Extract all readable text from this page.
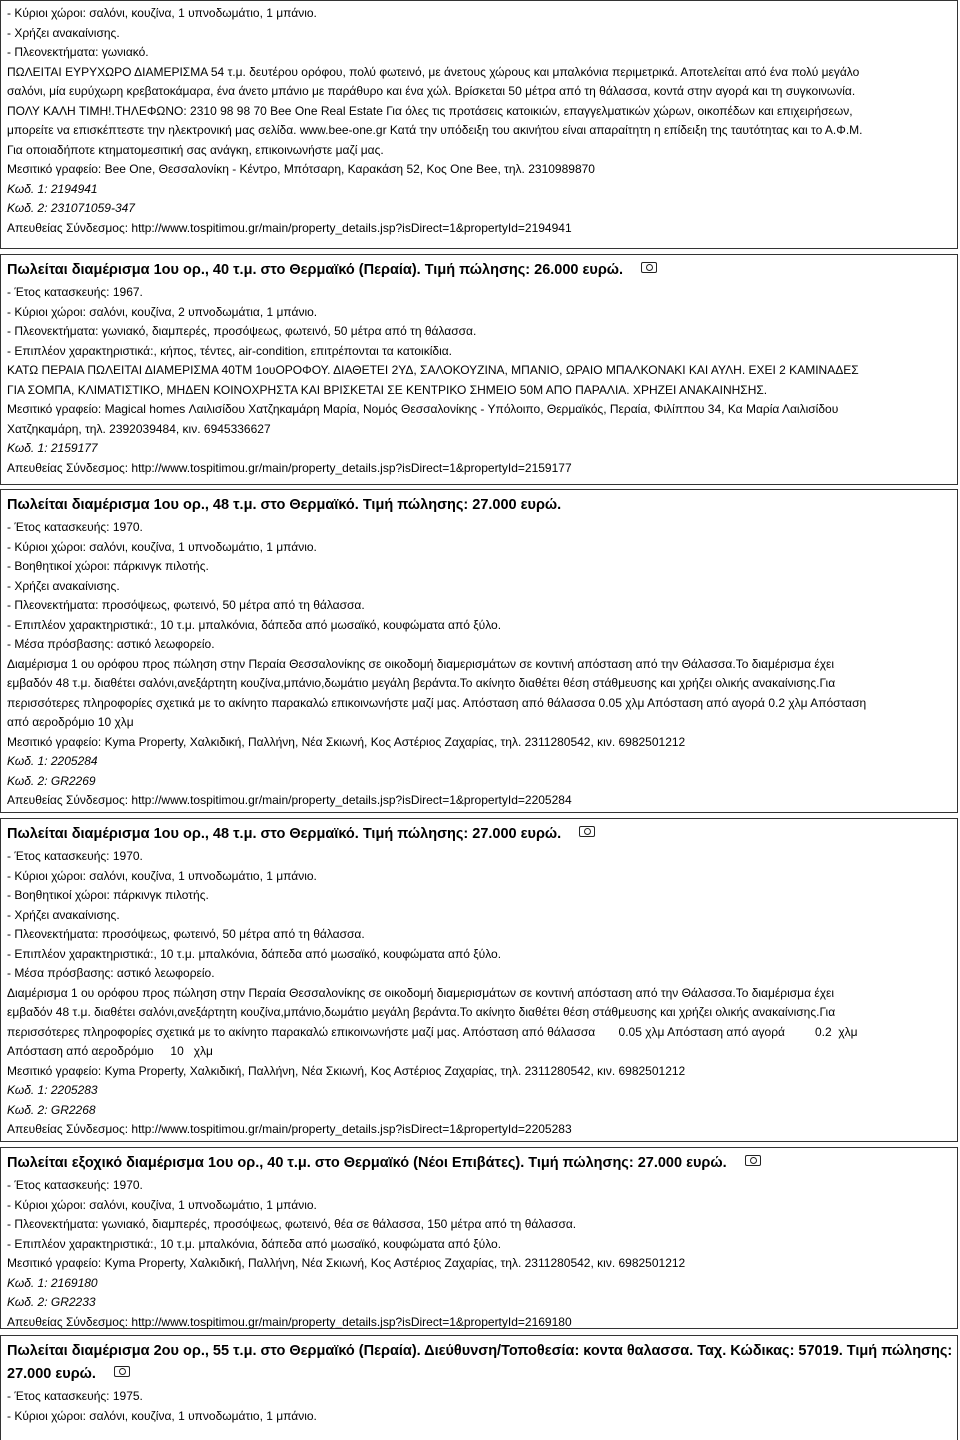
- Κύριοι χώροι: σαλόνι, κουζίνα, 1 υπνοδωμάτιο, 1 μπάνιο.
- Χρήζει ανακαίνισης.
- Πλεονεκτήματα: γωνιακό.
ΠΩΛΕΙΤΑΙ ΕΥΡΥΧΩΡΟ ΔΙΑΜΕΡΙΣΜΑ 54 τ.μ. δευτέρου ορόφου, πολύ φωτεινό, με άνετους χώρους και μπαλκόνια περιμετρικά. Αποτελείται από ένα πολύ μεγάλο
σαλόνι, μία ευρύχωρη κρεβατοκάμαρα, ένα άνετο μπάνιο με παράθυρο και ένα χώλ. Βρίσκεται 50 μέτρα από τη θάλασσα, κοντά στην αγορά και τη συγκοινωνία.
ΠΟΛΥ ΚΑΛΗ ΤΙΜΗ!.ΤΗΛΕΦΩΝΟ: 2310 98 98 70 Bee One Real Estate Για όλες τις προτάσεις κατοικιών, επαγγελματικών χώρων, οικοπέδων και επιχειρήσεων,
μπορείτε να επισκέπτεστε την ηλεκτρονική μας σελίδα. www.bee-one.gr Κατά την υπόδειξη του ακινήτου είναι απαραίτητη η επίδειξη της ταυτότητας και το Α.Φ.Μ.
Για οποιαδήποτε κτηματομεσιτική σας ανάγκη, επικοινωνήστε μαζί μας.
Μεσιτικό γραφείο: Bee One, Θεσσαλονίκη - Κέντρο, Μπότσαρη, Καρακάση 52, Κος One Bee, τηλ. 2310989870
Κωδ. 1: 2194941
Κωδ. 2: 231071059-347
Απευθείας Σύνδεσμος: http://www.tospitimou.gr/main/property_details.jsp?isDirect=1&propertyId=2194941
Πωλείται διαμέρισμα 1ου ορ., 40 τ.μ. στο Θερμαϊκό (Περαία). Τιμή πώλησης: 26.000 ευρώ.
- Έτος κατασκευής: 1967.
- Κύριοι χώροι: σαλόνι, κουζίνα, 2 υπνοδωμάτια, 1 μπάνιο.
- Πλεονεκτήματα: γωνιακό, διαμπερές, προσόψεως, φωτεινό, 50 μέτρα από τη θάλασσα.
- Επιπλέον χαρακτηριστικά:, κήπος, τέντες, air-condition, επιτρέπονται τα κατοικίδια.
ΚΑΤΩ ΠΕΡΑΙΑ ΠΩΛΕΙΤΑΙ ΔΙΑΜΕΡΙΣΜΑ 40ΤΜ 1ουΟΡΟΦΟΥ. ΔΙΑΘΕΤΕΙ 2ΥΔ, ΣΑΛΟΚΟΥΖΙΝΑ, ΜΠΑΝΙΟ, ΩΡΑΙΟ ΜΠΑΛΚΟΝΑΚΙ ΚΑΙ ΑΥΛΗ. ΕΧΕΙ 2 ΚΑΜΙΝΑΔΕΣ
ΓΙΑ ΣΟΜΠΑ, ΚΛΙΜΑΤΙΣΤΙΚΟ, ΜΗΔΕΝ ΚΟΙΝΟΧΡΗΣΤΑ ΚΑΙ ΒΡΙΣΚΕΤΑΙ ΣΕ ΚΕΝΤΡΙΚΟ ΣΗΜΕΙΟ 50Μ ΑΠΟ ΠΑΡΑΛΙΑ. ΧΡΗΖΕΙ ΑΝΑΚΑΙΝΗΣΗΣ.
Μεσιτικό γραφείο: Magical homes Λαιλισίδου Χατζηκαμάρη Μαρία, Νομός Θεσσαλονίκης - Υπόλοιπο, Θερμαϊκός, Περαία, Φιλίππου 34, Κα Μαρία Λαιλισίδου
Χατζηκαμάρη, τηλ. 2392039484, κιν. 6945336627
Κωδ. 1: 2159177
Απευθείας Σύνδεσμος: http://www.tospitimou.gr/main/property_details.jsp?isDirect=1&propertyId=2159177
Πωλείται διαμέρισμα 1ου ορ., 48 τ.μ. στο Θερμαϊκό. Τιμή πώλησης: 27.000 ευρώ.
- Έτος κατασκευής: 1970.
- Κύριοι χώροι: σαλόνι, κουζίνα, 1 υπνοδωμάτιο, 1 μπάνιο.
- Βοηθητικοί χώροι: πάρκινγκ πιλοτής.
- Χρήζει ανακαίνισης.
- Πλεονεκτήματα: προσόψεως, φωτεινό, 50 μέτρα από τη θάλασσα.
- Επιπλέον χαρακτηριστικά:, 10 τ.μ. μπαλκόνια, δάπεδα από μωσαϊκό, κουφώματα από ξύλο.
- Μέσα πρόσβασης: αστικό λεωφορείο.
Διαμέρισμα 1 ου ορόφου προς πώληση στην Περαία Θεσσαλονίκης σε οικοδομή διαμερισμάτων σε κοντινή απόσταση από την Θάλασσα.Το διαμέρισμα έχει
εμβαδόν 48 τ.μ. διαθέτει σαλόνι,ανεξάρτητη κουζίνα,μπάνιο,δωμάτιο μεγάλη βεράντα.Το ακίνητο διαθέτει θέση στάθμευσης και χρήζει ολικής ανακαίνισης.Για
περισσότερες πληροφορίες σχετικά με το ακίνητο παρακαλώ επικοινωνήστε μαζί μας. Απόσταση από θάλασσα 0.05 χλμ Απόσταση από αγορά 0.2 χλμ Απόσταση
από αεροδρόμιο 10 χλμ
Μεσιτικό γραφείο: Kyma Property, Χαλκιδική, Παλλήνη, Νέα Σκιωνή, Κος Αστέριος Ζαχαρίας, τηλ. 2311280542, κιν. 6982501212
Κωδ. 1: 2205284
Κωδ. 2: GR2269
Απευθείας Σύνδεσμος: http://www.tospitimou.gr/main/property_details.jsp?isDirect=1&propertyId=2205284
Πωλείται διαμέρισμα 1ου ορ., 48 τ.μ. στο Θερμαϊκό. Τιμή πώλησης: 27.000 ευρώ.
- Έτος κατασκευής: 1970.
- Κύριοι χώροι: σαλόνι, κουζίνα, 1 υπνοδωμάτιο, 1 μπάνιο.
- Βοηθητικοί χώροι: πάρκινγκ πιλοτής.
- Χρήζει ανακαίνισης.
- Πλεονεκτήματα: προσόψεως, φωτεινό, 50 μέτρα από τη θάλασσα.
- Επιπλέον χαρακτηριστικά:, 10 τ.μ. μπαλκόνια, δάπεδα από μωσαϊκό, κουφώματα από ξύλο.
- Μέσα πρόσβασης: αστικό λεωφορείο.
Διαμέρισμα 1 ου ορόφου προς πώληση στην Περαία Θεσσαλονίκης σε οικοδομή διαμερισμάτων σε κοντινή απόσταση από την Θάλασσα.Το διαμέρισμα έχει
εμβαδόν 48 τ.μ. διαθέτει σαλόνι,ανεξάρτητη κουζίνα,μπάνιο,δωμάτιο μεγάλη βεράντα.Το ακίνητο διαθέτει θέση στάθμευσης και χρήζει ολικής ανακαίνισης.Για
περισσότερες πληροφορίες σχετικά με το ακίνητο παρακαλώ επικοινωνήστε μαζί μας. Απόσταση από θάλασσα       0.05 χλμ Απόσταση από αγορά         0.2  χλμ
Απόσταση από αεροδρόμιο     10   χλμ
Μεσιτικό γραφείο: Kyma Property, Χαλκιδική, Παλλήνη, Νέα Σκιωνή, Κος Αστέριος Ζαχαρίας, τηλ. 2311280542, κιν. 6982501212
Κωδ. 1: 2205283
Κωδ. 2: GR2268
Απευθείας Σύνδεσμος: http://www.tospitimou.gr/main/property_details.jsp?isDirect=1&propertyId=2205283
Πωλείται εξοχικό διαμέρισμα 1ου ορ., 40 τ.μ. στο Θερμαϊκό (Νέοι Επιβάτες). Τιμή πώλησης: 27.000 ευρώ.
- Έτος κατασκευής: 1970.
- Κύριοι χώροι: σαλόνι, κουζίνα, 1 υπνοδωμάτιο, 1 μπάνιο.
- Πλεονεκτήματα: γωνιακό, διαμπερές, προσόψεως, φωτεινό, θέα σε θάλασσα, 150 μέτρα από τη θάλασσα.
- Επιπλέον χαρακτηριστικά:, 10 τ.μ. μπαλκόνια, δάπεδα από μωσαϊκό, κουφώματα από ξύλο.
Μεσιτικό γραφείο: Kyma Property, Χαλκιδική, Παλλήνη, Νέα Σκιωνή, Κος Αστέριος Ζαχαρίας, τηλ. 2311280542, κιν. 6982501212
Κωδ. 1: 2169180
Κωδ. 2: GR2233
Απευθείας Σύνδεσμος: http://www.tospitimou.gr/main/property_details.jsp?isDirect=1&propertyId=2169180
Πωλείται διαμέρισμα 2ου ορ., 55 τ.μ. στο Θερμαϊκό (Περαία). Διεύθυνση/Τοποθεσία: κοντα θαλασσα. Ταχ. Κώδικας: 57019. Τιμή πώλησης:
27.000 ευρώ.
- Έτος κατασκευής: 1975.
- Κύριοι χώροι: σαλόνι, κουζίνα, 1 υπνοδωμάτιο, 1 μπάνιο.
